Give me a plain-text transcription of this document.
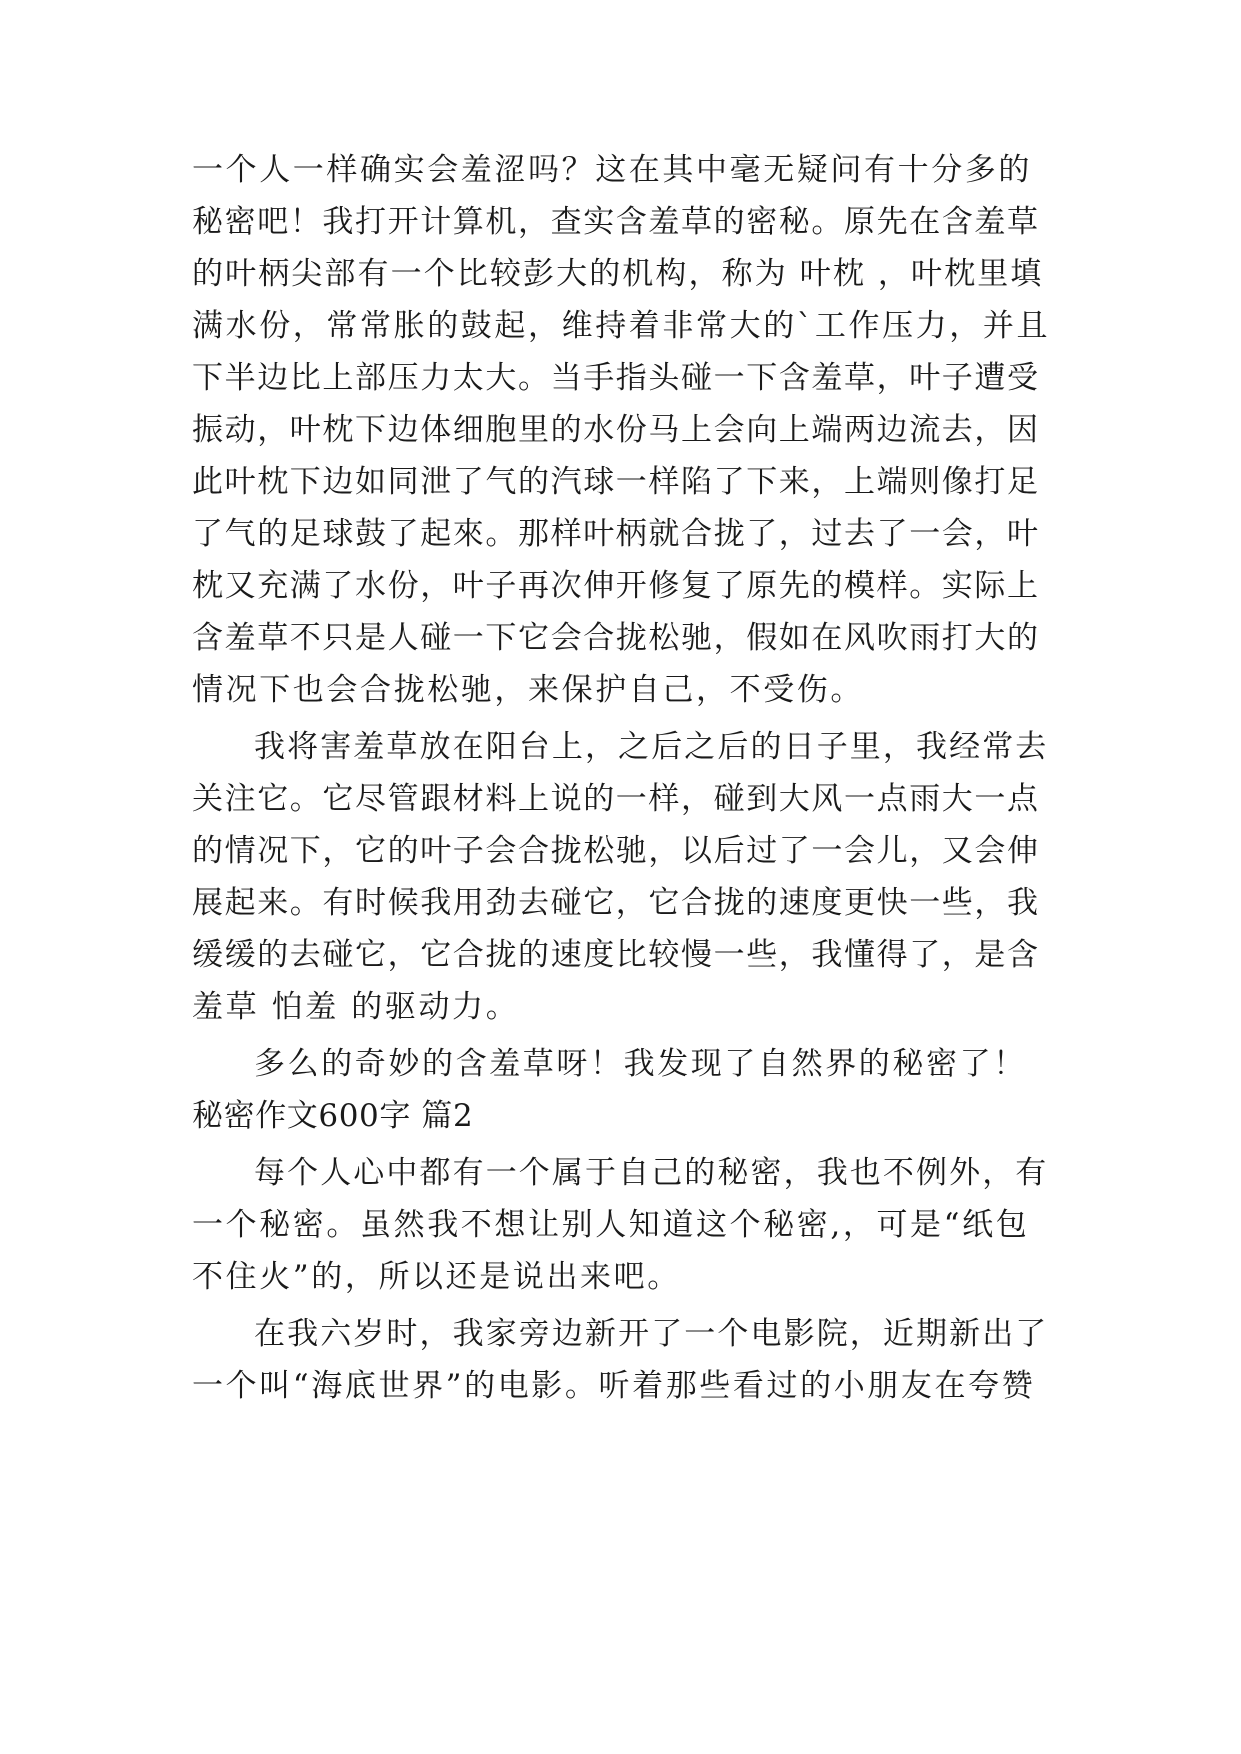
一个人一样确实会羞涩吗？这在其中毫无疑问有十分多的
秘密吧！我打开计算机，查实含羞草的密秘。原先在含羞草
的叶柄尖部有一个比较彭大的机构，称为 叶枕 ，叶枕里填
满水份，常常胀的鼓起，维持着非常大的`工作压力，并且
下半边比上部压力太大。当手指头碰一下含羞草，叶子遭受
振动，叶枕下边体细胞里的水份马上会向上端两边流去，因
此叶枕下边如同泄了气的汽球一样陷了下来，上端则像打足
了气的足球鼓了起來。那样叶柄就合拢了，过去了一会，叶
枕又充满了水份，叶子再次伸开修复了原先的模样。实际上
含羞草不只是人碰一下它会合拢松驰，假如在风吹雨打大的
情况下也会合拢松驰，来保护自己，不受伤。
我将害羞草放在阳台上，之后之后的日子里，我经常去
关注它。它尽管跟材料上说的一样，碰到大风一点雨大一点
的情况下，它的叶子会合拢松驰，以后过了一会儿，又会伸
展起来。有时候我用劲去碰它，它合拢的速度更快一些，我
缓缓的去碰它，它合拢的速度比较慢一些，我懂得了，是含
羞草 怕羞 的驱动力。
多么的奇妙的含羞草呀！我发现了自然界的秘密了！
秘密作文600字 篇2
每个人心中都有一个属于自己的秘密，我也不例外，有
一个秘密。虽然我不想让别人知道这个秘密,，可是“纸包
不住火”的，所以还是说出来吧。
在我六岁时，我家旁边新开了一个电影院，近期新出了
一个叫“海底世界”的电影。听着那些看过的小朋友在夸赞
